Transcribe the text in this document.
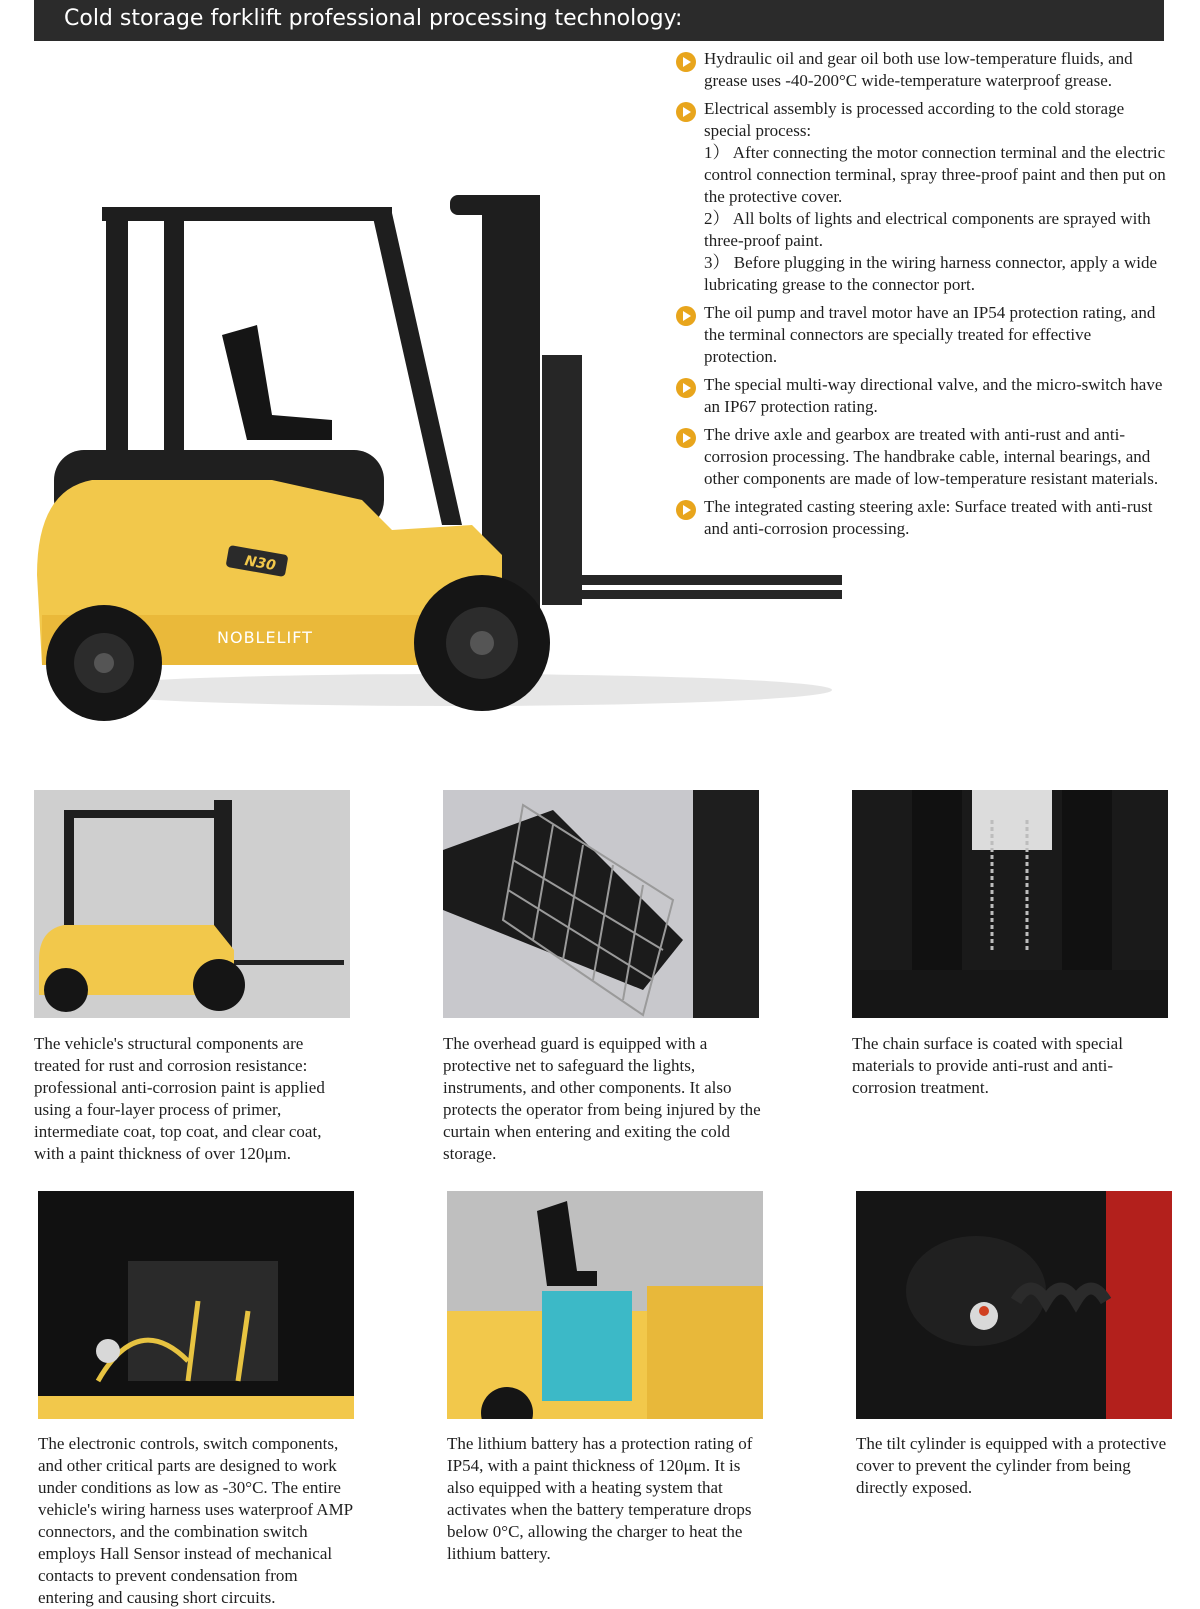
Cold storage forklift professional processing technology:
N30
NOBLELIFT
Hydraulic oil and gear oil both use low-temperature fluids, and grease uses -40-200°C wide-temperature waterproof grease.
Electrical assembly is processed according to the cold storage special process:
1） After connecting the motor connection terminal and the electric control connection terminal, spray three-proof paint and then put on the protective cover.
2） All bolts of lights and electrical components are sprayed with three-proof paint.
3） Before plugging in the wiring harness connector, apply a wide lubricating grease to the connector port.
The oil pump and travel motor have an IP54 protection rating, and the terminal connectors are specially treated for effective protection.
The special multi-way directional valve, and the micro-switch have an IP67 protection rating.
The drive axle and gearbox are treated with anti-rust and anti-corrosion processing. The handbrake cable, internal bearings, and other components are made of low-temperature resistant materials.
The integrated casting steering axle: Surface treated with anti-rust and anti-corrosion processing.

The vehicle's structural components are treated for rust and corrosion resistance: professional anti-corrosion paint is applied using a four-layer process of primer, intermediate coat, top coat, and clear coat, with a paint thickness of over 120μm.

The overhead guard is equipped with a protective net to safeguard the lights, instruments, and other components. It also protects the operator from being injured by the curtain when entering and exiting the cold storage.

The chain surface is coated with special materials to provide anti-rust and anti-corrosion treatment.

The electronic controls, switch components, and other critical parts are designed to work under conditions as low as -30°C. The entire vehicle's wiring harness uses waterproof AMP connectors, and the combination switch employs Hall Sensor instead of mechanical contacts to prevent condensation from entering and causing short circuits.

The lithium battery has a protection rating of IP54, with a paint thickness of 120μm. It is also equipped with a heating system that activates when the battery temperature drops below 0°C, allowing the charger to heat the lithium battery.

The tilt cylinder is equipped with a protective cover to prevent the cylinder from being directly exposed.
